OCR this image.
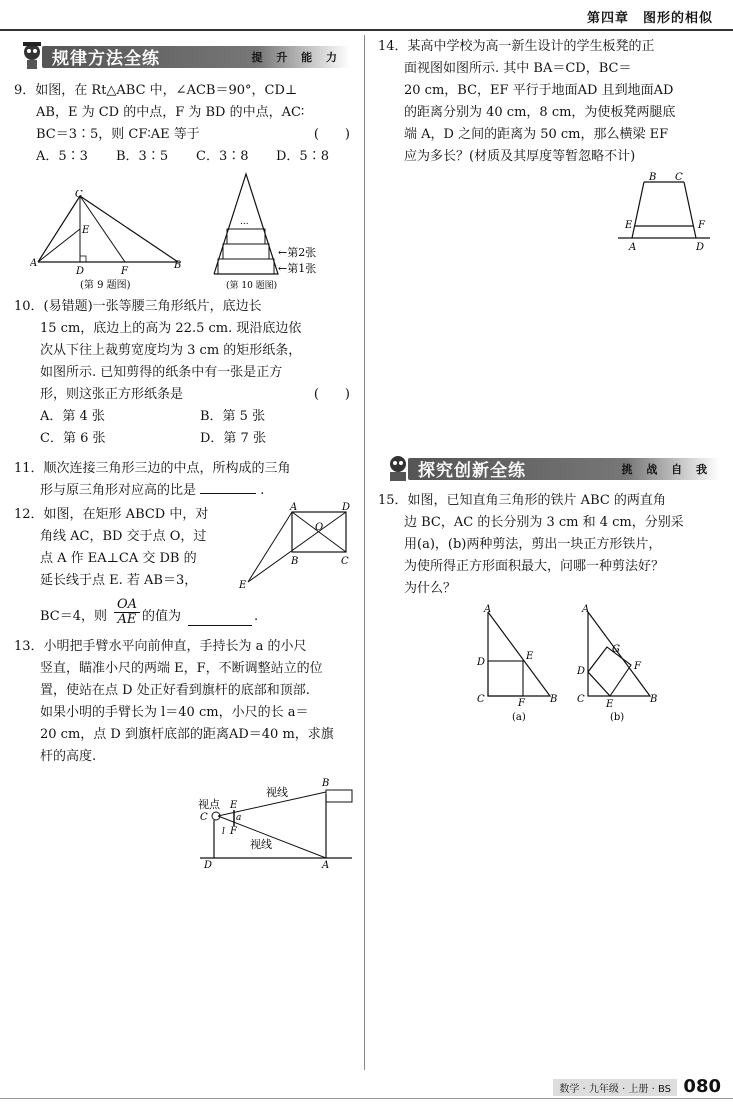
第四章　图形的相似
规律方法全练	提 升 能 力
9．如图，在 Rt△ABC 中，∠ACB＝90°，CD⊥
AB，E 为 CD 的中点，F 为 BD 的中点，AC∶
BC＝3∶5，则 CF∶AE 等于	(　　)
A．5∶3 B．3∶5 C．3∶8 D．5∶8
C
E
A
D	F
B
(第 9 题图)
...
←第2张
←第1张
(第 10 题图)
10．(易错题)一张等腰三角形纸片，底边长
15 cm，底边上的高为 22.5 cm. 现沿底边依
次从下往上裁剪宽度均为 3 cm 的矩形纸条，
如图所示. 已知剪得的纸条中有一张是正方
形，则这张正方形纸条是	(　　)
A．第 4 张	B．第 5 张
C．第 6 张	D．第 7 张
11．顺次连接三角形三边的中点，所构成的三角
形与原三角形对应高的比是	.
12．如图，在矩形 ABCD 中，对
角线 AC，BD 交于点 O，过
点 A 作 EA⊥CA 交 DB 的
延长线于点 E. 若 AB＝3，
BC＝4，则 $\frac{OA}{AE}$ 的值为	.
A	D
O
B	C
E
13．小明把手臂水平向前伸直，手持长为 a 的小尺
竖直，瞄准小尺的两端 E，F，不断调整站立的位
置，使站在点 D 处正好看到旗杆的底部和顶部.
如果小明的手臂长为 l＝40 cm，小尺的长 a＝
20 cm，点 D 到旗杆底部的距离AD＝40 m，求旗
杆的高度.
视点
视线
视线
B
C
E
a
l F
D	A
14．某高中学校为高一新生设计的学生板凳的正
面视图如图所示. 其中 BA＝CD，BC＝
20 cm，BC，EF 平行于地面AD 且到地面AD
的距离分别为 40 cm，8 cm，为使板凳两腿底
端 A，D 之间的距离为 50 cm，那么横梁 EF
应为多长？(材质及其厚度等暂忽略不计)
B C
E	F
A	D
探究创新全练	挑 战 自 我
15．如图，已知直角三角形的铁片 ABC 的两直角
边 BC，AC 的长分别为 3 cm 和 4 cm，分别采
用(a)，(b)两种剪法，剪出一块正方形铁片，
为使所得正方形面积最大，问哪一种剪法好？
为什么？
A
D
E
C	F	B
(a)
A
G
D	F
C E	B
(b)
数学 · 九年级 · 上册 · BS 080
